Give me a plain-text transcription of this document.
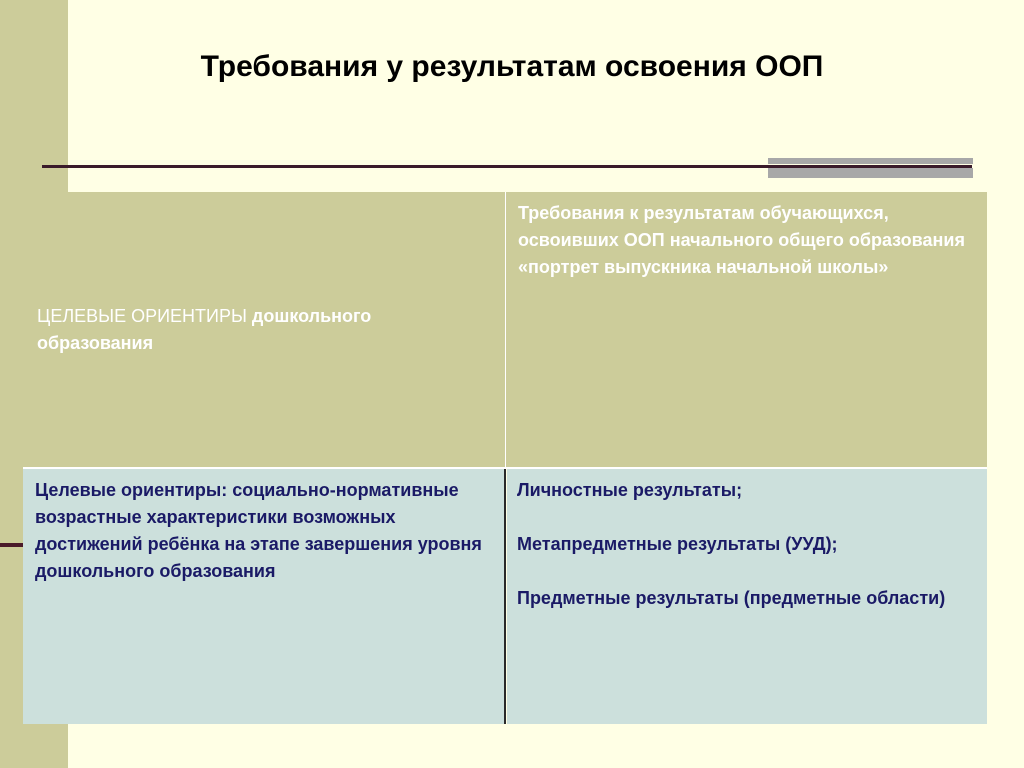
Требования у результатам освоения ООП
ЦЕЛЕВЫЕ ОРИЕНТИРЫ дошкольного образования
Требования к результатам обучающихся, освоивших ООП начального общего образования «портрет выпускника начальной школы»
Целевые ориентиры: социально-нормативные возрастные характеристики возможных достижений ребёнка на этапе завершения уровня дошкольного образования
Личностные результаты;
Метапредметные результаты (УУД);
Предметные результаты (предметные области)
